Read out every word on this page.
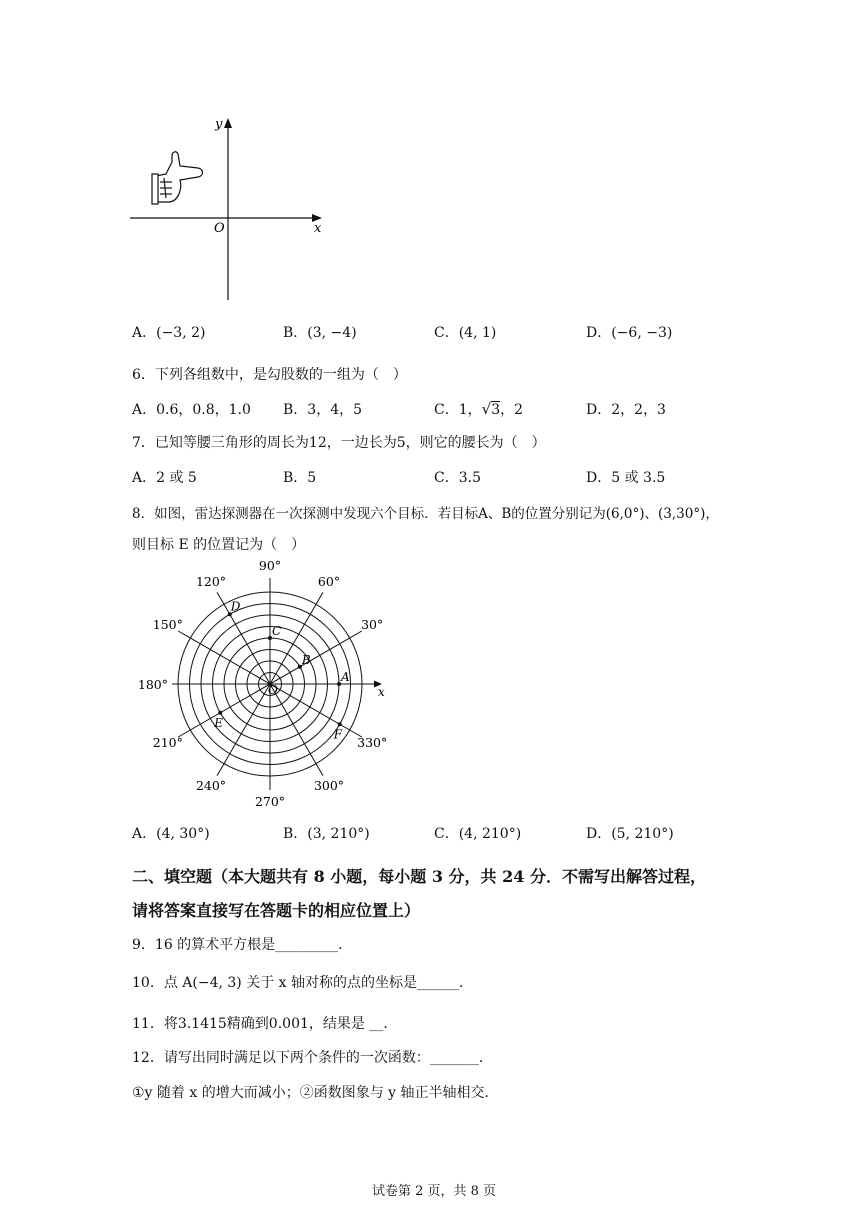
y
x
O
A．(−3, 2)	B．(3, −4)	C．(4, 1)	D．(−6, −3)
6．下列各组数中，是勾股数的一组为（　）
A．0.6，0.8，1.0 B．3，4，5	C．1，√3，2	D．2，2，3
7．已知等腰三角形的周长为12，一边长为5，则它的腰长为（　）
A．2 或 5	B．5	C．3.5	D．5 或 3.5
8．如图，雷达探测器在一次探测中发现六个目标．若目标A、B的位置分别记为(6,0°)、(3,30°)，
则目标 E 的位置记为（　）
x
30°
60°
90°
120°
150°
180°
210°
240°
270°
300°
330°
A
B
C
D
E
F
O
A．(4, 30°)	B．(3, 210°)	C．(4, 210°)	D．(5, 210°)
二、填空题（本大题共有 8 小题，每小题 3 分，共 24 分．不需写出解答过程，
请将答案直接写在答题卡的相应位置上）
9．16 的算术平方根是_________．
10．点 A(−4, 3) 关于 x 轴对称的点的坐标是______．
11．将3.1415精确到0.001，结果是 __．
12．请写出同时满足以下两个条件的一次函数：_______．
①y 随着 x 的增大而减小；②函数图象与 y 轴正半轴相交．
试卷第 2 页，共 8 页
